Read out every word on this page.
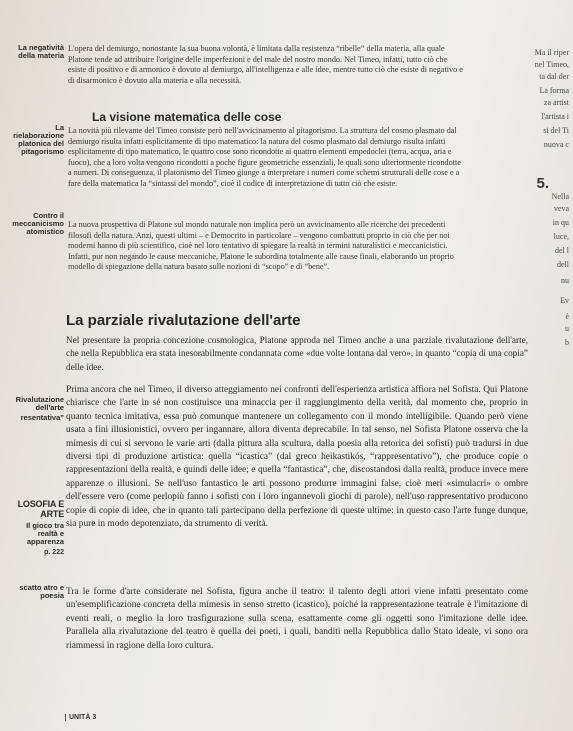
La negatività della materia
La rielaborazione platonica del pitagorismo
Contro il meccanicismo atomistico
Rivalutazione dell'arte
resentativa”
LOSOFIA E ARTE
Il gioco tra realtà e apparenza
p. 222
scatto atro e poesia

L'opera del demiurgo, nonostante la sua buona volontà, è limitata dalla resistenza “ribelle” della materia, alla quale Platone tende ad attribuire l'origine delle imperfezioni e del male del nostro mondo. Nel Timeo, infatti, tutto ciò che esiste di positivo e di armonico è dovuto al demiurgo, all'intelligenza e alle idee, mentre tutto ciò che esiste di negativo e di disarmonico è dovuto alla materia e alla necessità.

La visione matematica delle cose

La novità più rilevante del Timeo consiste però nell'avvicinamento al pitagorismo. La struttura del cosmo plasmato dal demiurgo risulta infatti esplicitamente di tipo matematico: la natura del cosmo plasmato dal demiurgo risulta infatti esplicitamente di tipo matematico, le quattro cose sono ricondotte ai quattro elementi empedoclei (terra, acqua, aria e fuoco), che a loro volta vengono ricondotti a poche figure geometriche essenziali, le quali sono ulteriormente ricondotte a numeri. Di conseguenza, il platonismo del Timeo giunge a interpretare i numeri come schemi strutturali delle cose e a fare della matematica la “sintassi del mondo”, cioè il codice di interpretazione di tutto ciò che esiste.

La nuova prospettiva di Platone sul mondo naturale non implica però un avvicinamento alle ricerche dei precedenti filosofi della natura. Anzi, questi ultimi – e Democrito in particolare – vengono combattuti proprio in ciò che per noi moderni hanno di più scientifico, cioè nel loro tentativo di spiegare la realtà in termini naturalistici e meccanicistici. Infatti, pur non negando le cause meccaniche, Platone le subordina totalmente alle cause finali, elaborando un proprio modello di spiegazione della natura basato sulle nozioni di “scopo” e di “bene”.

La parziale rivalutazione dell'arte
Nel presentare la propria concezione cosmologica, Platone approda nel Timeo anche a una parziale rivalutazione dell'arte, che nella Repubblica era stata inesorabilmente condannata come «due volte lontana dal vero», in quanto “copia di una copia” delle idee.
Prima ancora che nel Timeo, il diverso atteggiamento nei confronti dell'esperienza artistica affiora nel Sofista. Qui Platone chiarisce che l'arte in sé non costituisce una minaccia per il raggiungimento della verità, dal momento che, proprio in quanto tecnica imitativa, essa può comunque mantenere un collegamento con il mondo intelligibile. Quando però viene usata a fini illusionistici, ovvero per ingannare, allora diventa deprecabile. In tal senso, nel Sofista Platone osserva che la mímesis di cui si servono le varie arti (dalla pittura alla scultura, dalla poesia alla retorica dei sofisti) può tradursi in due diversi tipi di produzione artistica: quella “icastica” (dal greco heikastikós, “rappresentativo”), che produce copie o rappresentazioni della realtà, e quindi delle idee; e quella “fantastica”, che, discostandosi dalla realtà, produce invece mere apparenze o illusioni. Se nell'uso fantastico le arti possono produrre immagini false, cioè meri «simulacri» o ombre dell'essere vero (come perlopiù fanno i sofisti con i loro ingannevoli giochi di parole), nell'uso rappresentativo producono copie di copie di idee, che in quanto tali partecipano della perfezione di queste ultime: in questo caso l'arte funge dunque, sia pure in modo depotenziato, da strumento di verità.
Tra le forme d'arte considerate nel Sofista, figura anche il teatro: il talento degli attori viene infatti presentato come un'esemplificazione concreta della mímesis in senso stretto (icastico), poiché la rappresentazione teatrale è l'imitazione di eventi reali, o meglio la loro trasfigurazione sulla scena, esattamente come gli oggetti sono l'imitazione delle idee. Parallela alla rivalutazione del teatro è quella dei poeti, i quali, banditi nella Repubblica dallo Stato ideale, vi sono ora riammessi in ragione della loro cultura.
Ma il riper
nel Timeo,
ta dal der
La forma
za artist
l'artista i
si del Ti
nuova c
Nella
veva
in qu
luce,
del l
dell
nu
Ev
è
u
b
5.
UNITÀ 3
